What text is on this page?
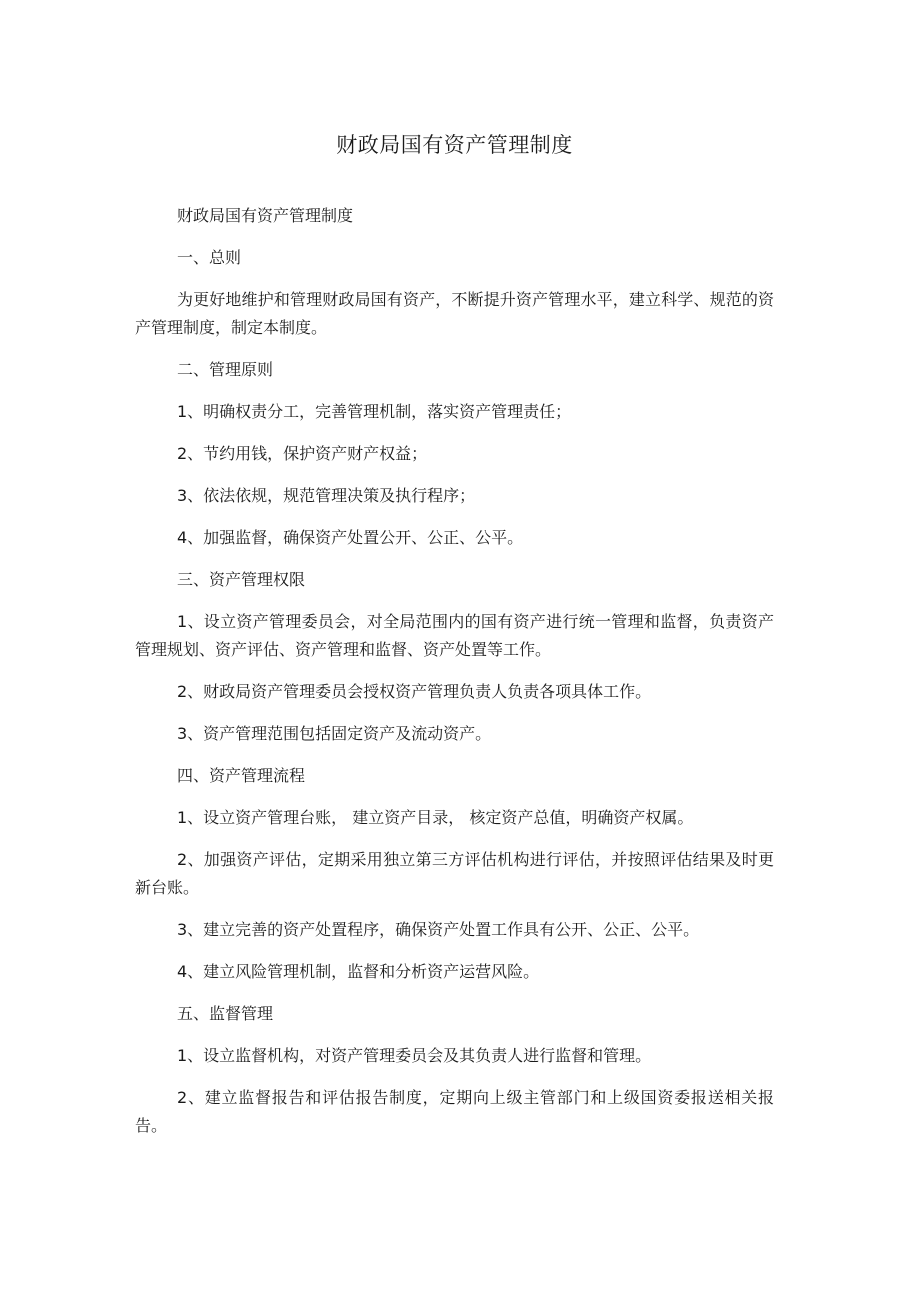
财政局国有资产管理制度

财政局国有资产管理制度

一、总则

为更好地维护和管理财政局国有资产，不断提升资产管理水平，建立科学、规范的资产管理制度，制定本制度。

二、管理原则

1、明确权责分工，完善管理机制，落实资产管理责任；

2、节约用钱，保护资产财产权益；

3、依法依规，规范管理决策及执行程序；

4、加强监督，确保资产处置公开、公正、公平。

三、资产管理权限

1、设立资产管理委员会，对全局范围内的国有资产进行统一管理和监督，负责资产管理规划、资产评估、资产管理和监督、资产处置等工作。

2、财政局资产管理委员会授权资产管理负责人负责各项具体工作。

3、资产管理范围包括固定资产及流动资产。

四、资产管理流程

1、设立资产管理台账， 建立资产目录， 核定资产总值，明确资产权属。

2、加强资产评估，定期采用独立第三方评估机构进行评估，并按照评估结果及时更新台账。

3、建立完善的资产处置程序，确保资产处置工作具有公开、公正、公平。

4、建立风险管理机制，监督和分析资产运营风险。

五、监督管理

1、设立监督机构，对资产管理委员会及其负责人进行监督和管理。

2、建立监督报告和评估报告制度，定期向上级主管部门和上级国资委报送相关报告。
